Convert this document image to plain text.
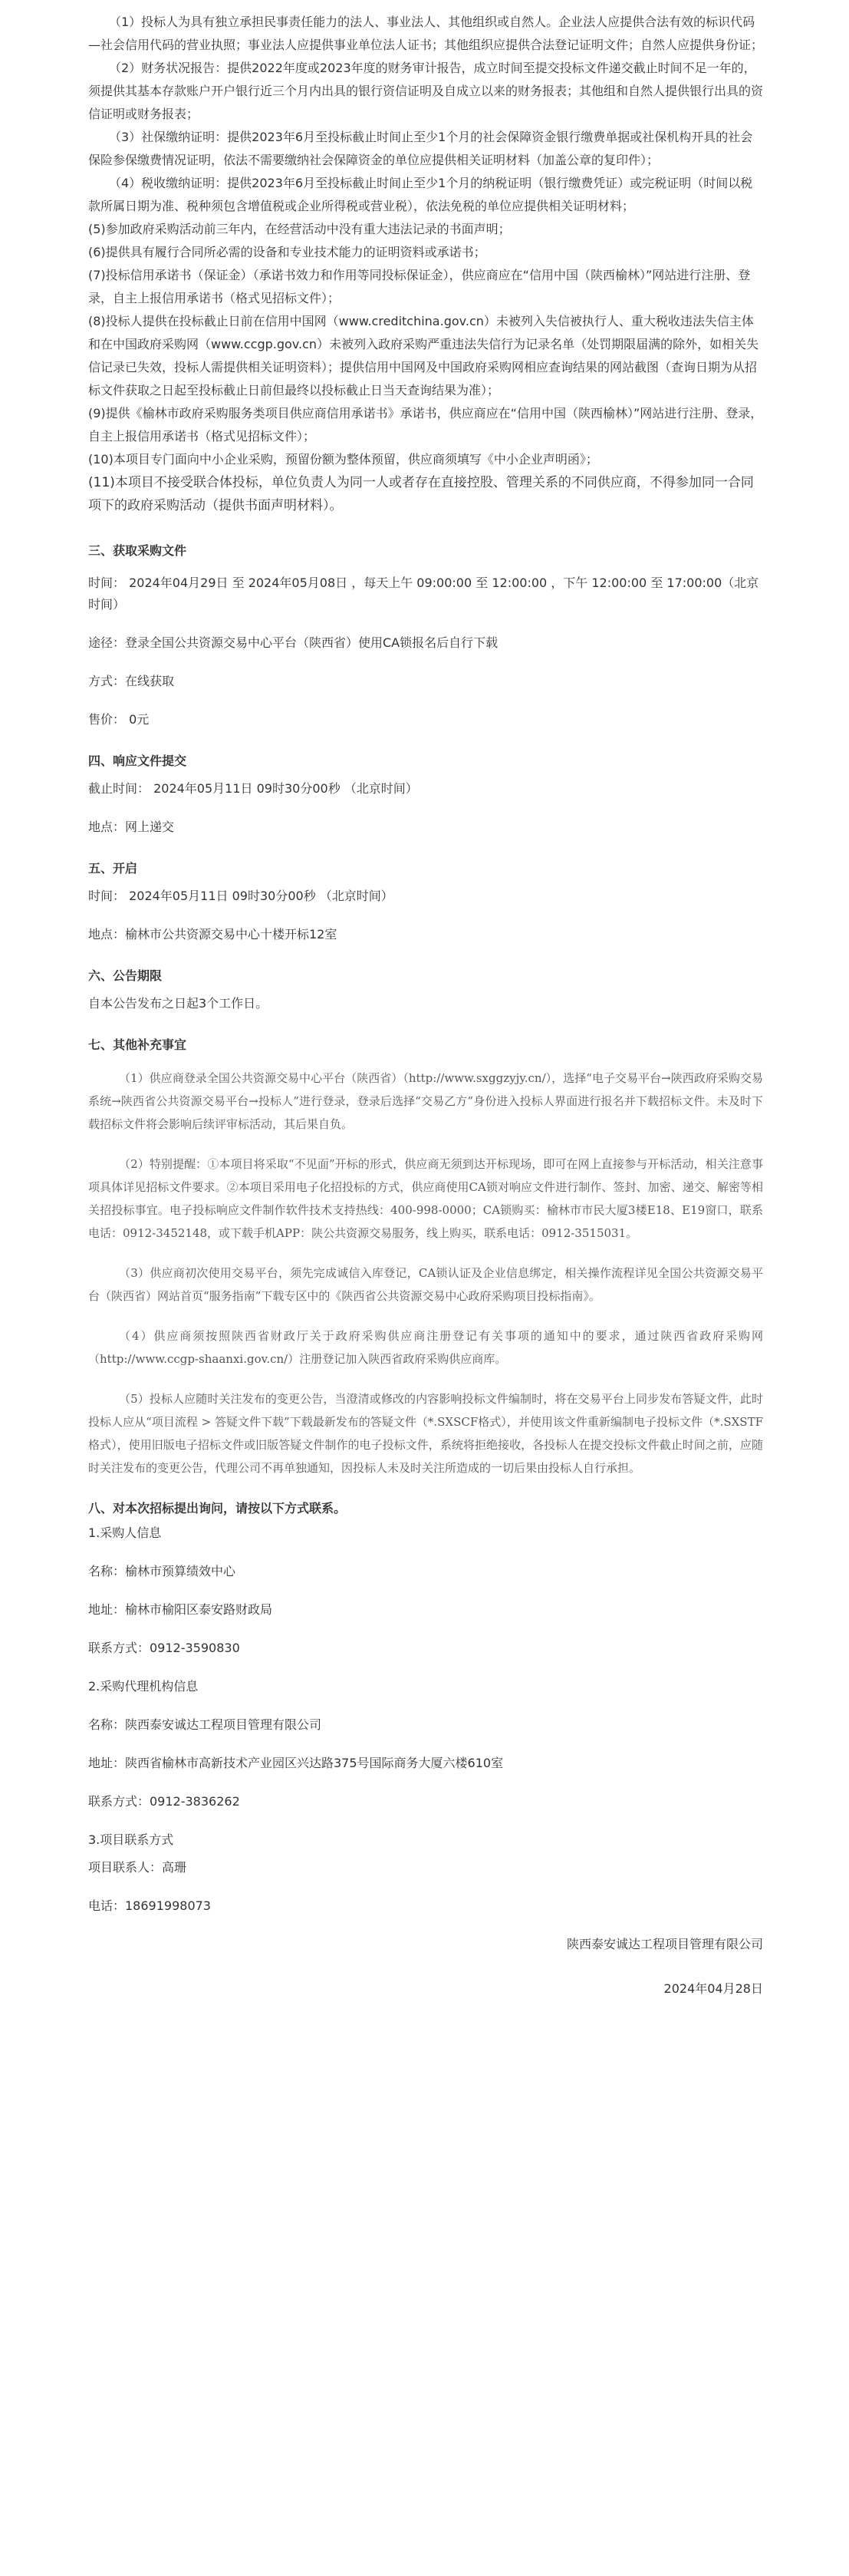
（1）投标人为具有独立承担民事责任能力的法人、事业法人、其他组织或自然人。企业法人应提供合法有效的标识代码—社会信用代码的营业执照；事业法人应提供事业单位法人证书；其他组织应提供合法登记证明文件；自然人应提供身份证；

（2）财务状况报告：提供2022年度或2023年度的财务审计报告，成立时间至提交投标文件递交截止时间不足一年的，须提供其基本存款账户开户银行近三个月内出具的银行资信证明及自成立以来的财务报表；其他组和自然人提供银行出具的资信证明或财务报表；

（3）社保缴纳证明：提供2023年6月至投标截止时间止至少1个月的社会保障资金银行缴费单据或社保机构开具的社会保险参保缴费情况证明，依法不需要缴纳社会保障资金的单位应提供相关证明材料（加盖公章的复印件）；

（4）税收缴纳证明：提供2023年6月至投标截止时间止至少1个月的纳税证明（银行缴费凭证）或完税证明（时间以税款所属日期为准、税种须包含增值税或企业所得税或营业税），依法免税的单位应提供相关证明材料；

(5)参加政府采购活动前三年内，在经营活动中没有重大违法记录的书面声明；

(6)提供具有履行合同所必需的设备和专业技术能力的证明资料或承诺书；

(7)投标信用承诺书（保证金）（承诺书效力和作用等同投标保证金），供应商应在“信用中国（陕西榆林）”网站进行注册、登录，自主上报信用承诺书（格式见招标文件）；

(8)投标人提供在投标截止日前在信用中国网（www.creditchina.gov.cn）未被列入失信被执行人、重大税收违法失信主体和在中国政府采购网（www.ccgp.gov.cn）未被列入政府采购严重违法失信行为记录名单（处罚期限届满的除外，如相关失信记录已失效，投标人需提供相关证明资料）；提供信用中国网及中国政府采购网相应查询结果的网站截图（查询日期为从招标文件获取之日起至投标截止日前但最终以投标截止日当天查询结果为准）；

(9)提供《榆林市政府采购服务类项目供应商信用承诺书》承诺书，供应商应在“信用中国（陕西榆林）”网站进行注册、登录，自主上报信用承诺书（格式见招标文件）；

(10)本项目专门面向中小企业采购，预留份额为整体预留，供应商须填写《中小企业声明函》；

(11)本项目不接受联合体投标，单位负责人为同一人或者存在直接控股、管理关系的不同供应商，不得参加同一合同项下的政府采购活动（提供书面声明材料）。

三、获取采购文件

时间： 2024年04月29日 至 2024年05月08日 ，每天上午 09:00:00 至 12:00:00 ，下午 12:00:00 至 17:00:00（北京时间）

途径：登录全国公共资源交易中心平台（陕西省）使用CA锁报名后自行下载

方式：在线获取

售价： 0元

四、响应文件提交

截止时间： 2024年05月11日 09时30分00秒 （北京时间）

地点：网上递交

五、开启

时间： 2024年05月11日 09时30分00秒 （北京时间）

地点：榆林市公共资源交易中心十楼开标12室

六、公告期限

自本公告发布之日起3个工作日。

七、其他补充事宜

（1）供应商登录全国公共资源交易中心平台（陕西省）（http://www.sxggzyjy.cn/），选择“电子交易平台→陕西政府采购交易系统→陕西省公共资源交易平台→投标人”进行登录，登录后选择“交易乙方”身份进入投标人界面进行报名并下载招标文件。未及时下载招标文件将会影响后续评审标活动，其后果自负。

（2）特别提醒：①本项目将采取“不见面”开标的形式，供应商无须到达开标现场，即可在网上直接参与开标活动，相关注意事项具体详见招标文件要求。②本项目采用电子化招投标的方式，供应商使用CA锁对响应文件进行制作、签封、加密、递交、解密等相关招投标事宜。电子投标响应文件制作软件技术支持热线：400-998-0000；CA锁购买：榆林市市民大厦3楼E18、E19窗口，联系电话：0912-3452148，或下载手机APP：陕公共资源交易服务，线上购买，联系电话：0912-3515031。

（3）供应商初次使用交易平台，须先完成诚信入库登记，CA锁认证及企业信息绑定，相关操作流程详见全国公共资源交易平台（陕西省）网站首页“服务指南”下载专区中的《陕西省公共资源交易中心政府采购项目投标指南》。

（4）供应商须按照陕西省财政厅关于政府采购供应商注册登记有关事项的通知中的要求，通过陕西省政府采购网（http://www.ccgp-shaanxi.gov.cn/）注册登记加入陕西省政府采购供应商库。

（5）投标人应随时关注发布的变更公告，当澄清或修改的内容影响投标文件编制时，将在交易平台上同步发布答疑文件，此时投标人应从“项目流程 > 答疑文件下载”下载最新发布的答疑文件（*.SXSCF格式），并使用该文件重新编制电子投标文件（*.SXSTF格式），使用旧版电子招标文件或旧版答疑文件制作的电子投标文件，系统将拒绝接收，各投标人在提交投标文件截止时间之前，应随时关注发布的变更公告，代理公司不再单独通知，因投标人未及时关注所造成的一切后果由投标人自行承担。

八、对本次招标提出询问，请按以下方式联系。

1.采购人信息

名称：榆林市预算绩效中心

地址：榆林市榆阳区泰安路财政局

联系方式：0912-3590830

2.采购代理机构信息

名称：陕西泰安诚达工程项目管理有限公司

地址：陕西省榆林市高新技术产业园区兴达路375号国际商务大厦六楼610室

联系方式：0912-3836262

3.项目联系方式

项目联系人：高珊

电话：18691998073

陕西泰安诚达工程项目管理有限公司

2024年04月28日
